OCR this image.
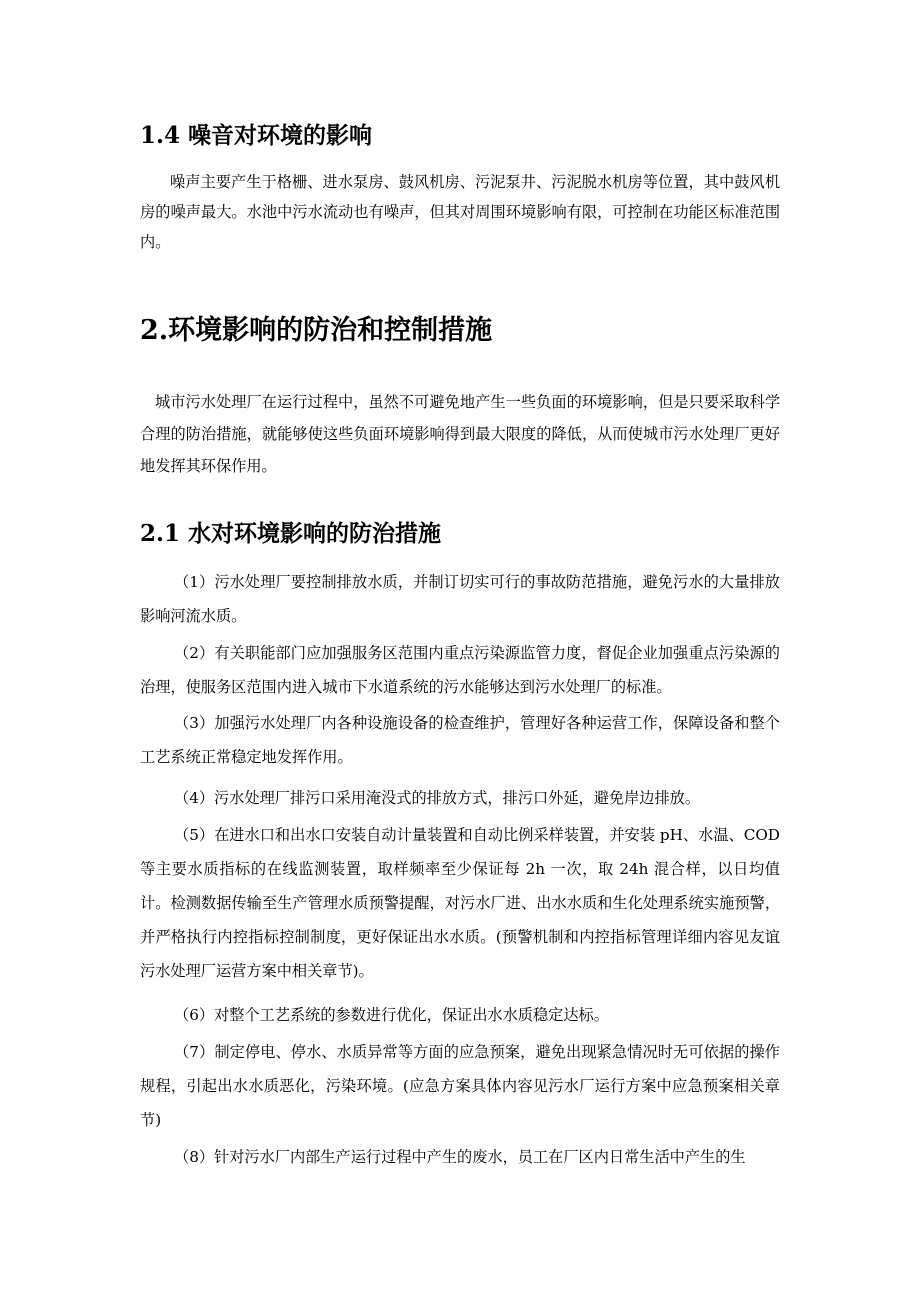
1.4 噪音对环境的影响

噪声主要产生于格栅、进水泵房、鼓风机房、污泥泵井、污泥脱水机房等位置，其中鼓风机房的噪声最大。水池中污水流动也有噪声，但其对周围环境影响有限，可控制在功能区标准范围内。

2.环境影响的防治和控制措施

城市污水处理厂在运行过程中，虽然不可避免地产生一些负面的环境影响，但是只要采取科学合理的防治措施，就能够使这些负面环境影响得到最大限度的降低，从而使城市污水处理厂更好地发挥其环保作用。

2.1 水对环境影响的防治措施

（1）污水处理厂要控制排放水质，并制订切实可行的事故防范措施，避免污水的大量排放影响河流水质。

（2）有关职能部门应加强服务区范围内重点污染源监管力度，督促企业加强重点污染源的治理，使服务区范围内进入城市下水道系统的污水能够达到污水处理厂的标准。

（3）加强污水处理厂内各种设施设备的检查维护，管理好各种运营工作，保障设备和整个工艺系统正常稳定地发挥作用。

（4）污水处理厂排污口采用淹没式的排放方式，排污口外延，避免岸边排放。

（5）在进水口和出水口安装自动计量装置和自动比例采样装置，并安装 pH、水温、COD 等主要水质指标的在线监测装置，取样频率至少保证每 2h 一次，取 24h 混合样，以日均值计。检测数据传输至生产管理水质预警提醒，对污水厂进、出水水质和生化处理系统实施预警，并严格执行内控指标控制制度，更好保证出水水质。(预警机制和内控指标管理详细内容见友谊污水处理厂运营方案中相关章节)。

（6）对整个工艺系统的参数进行优化，保证出水水质稳定达标。

（7）制定停电、停水、水质异常等方面的应急预案，避免出现紧急情况时无可依据的操作规程，引起出水水质恶化，污染环境。(应急方案具体内容见污水厂运行方案中应急预案相关章节)

（8）针对污水厂内部生产运行过程中产生的废水，员工在厂区内日常生活中产生的生
